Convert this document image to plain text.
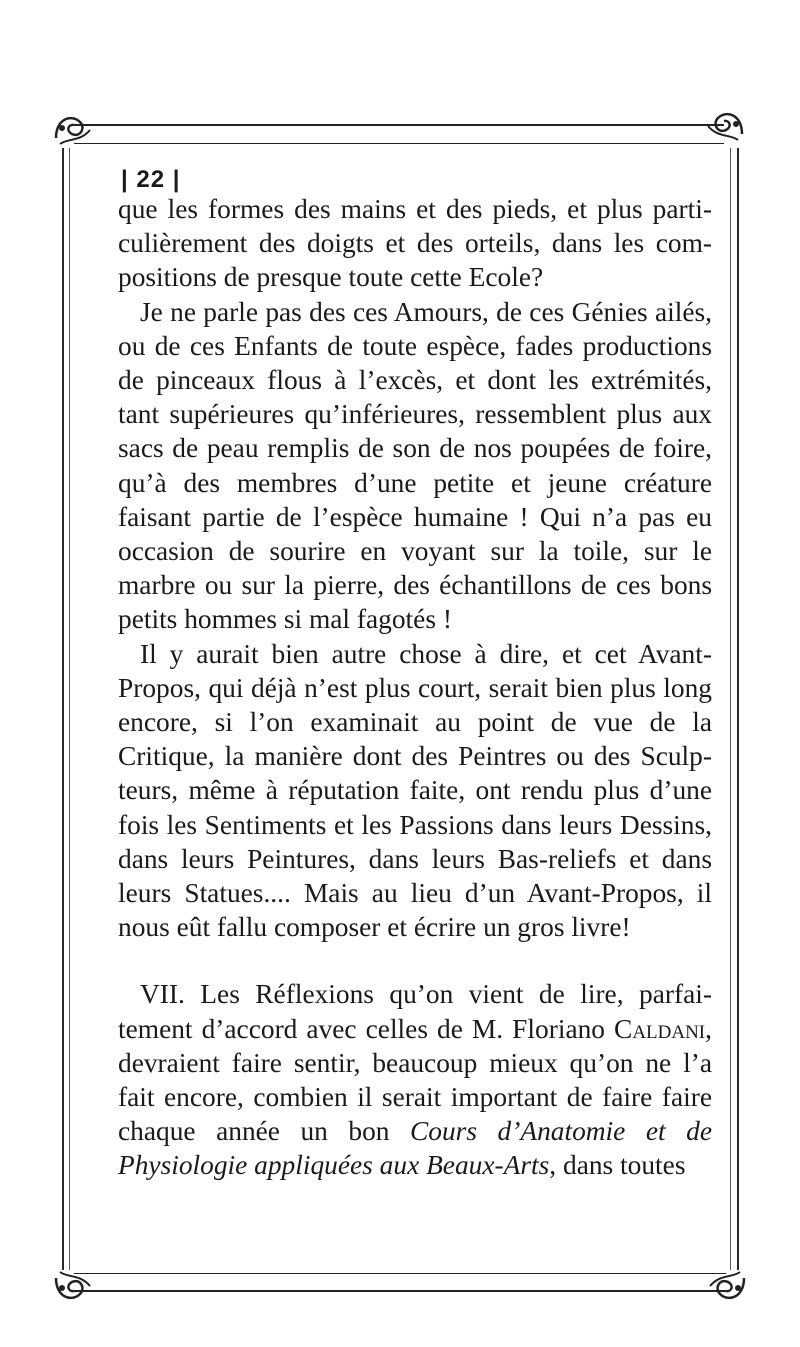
| 22 |

que les formes des mains et des pieds, et plus particulièrement des doigts et des orteils, dans les compositions de presque toute cette Ecole?

Je ne parle pas des ces Amours, de ces Génies ailés, ou de ces Enfants de toute espèce, fades productions de pinceaux flous à l’excès, et dont les extrémités, tant supérieures qu’inférieures, ressemblent plus aux sacs de peau remplis de son de nos poupées de foire, qu’à des membres d’une petite et jeune créature faisant partie de l’espèce humaine ! Qui n’a pas eu occasion de sourire en voyant sur la toile, sur le marbre ou sur la pierre, des échantillons de ces bons petits hommes si mal fagotés !

Il y aurait bien autre chose à dire, et cet Avant-Propos, qui déjà n’est plus court, serait bien plus long encore, si l’on examinait au point de vue de la Critique, la manière dont des Peintres ou des Sculpteurs, même à réputation faite, ont rendu plus d’une fois les Sentiments et les Passions dans leurs Dessins, dans leurs Peintures, dans leurs Bas-reliefs et dans leurs Statues.... Mais au lieu d’un Avant-Propos, il nous eût fallu composer et écrire un gros livre!

VII. Les Réflexions qu’on vient de lire, parfaitement d’accord avec celles de M. Floriano Caldani, devraient faire sentir, beaucoup mieux qu’on ne l’a fait encore, combien il serait important de faire faire chaque année un bon Cours d’Anatomie et de Physiologie appliquées aux Beaux-Arts, dans toutes
